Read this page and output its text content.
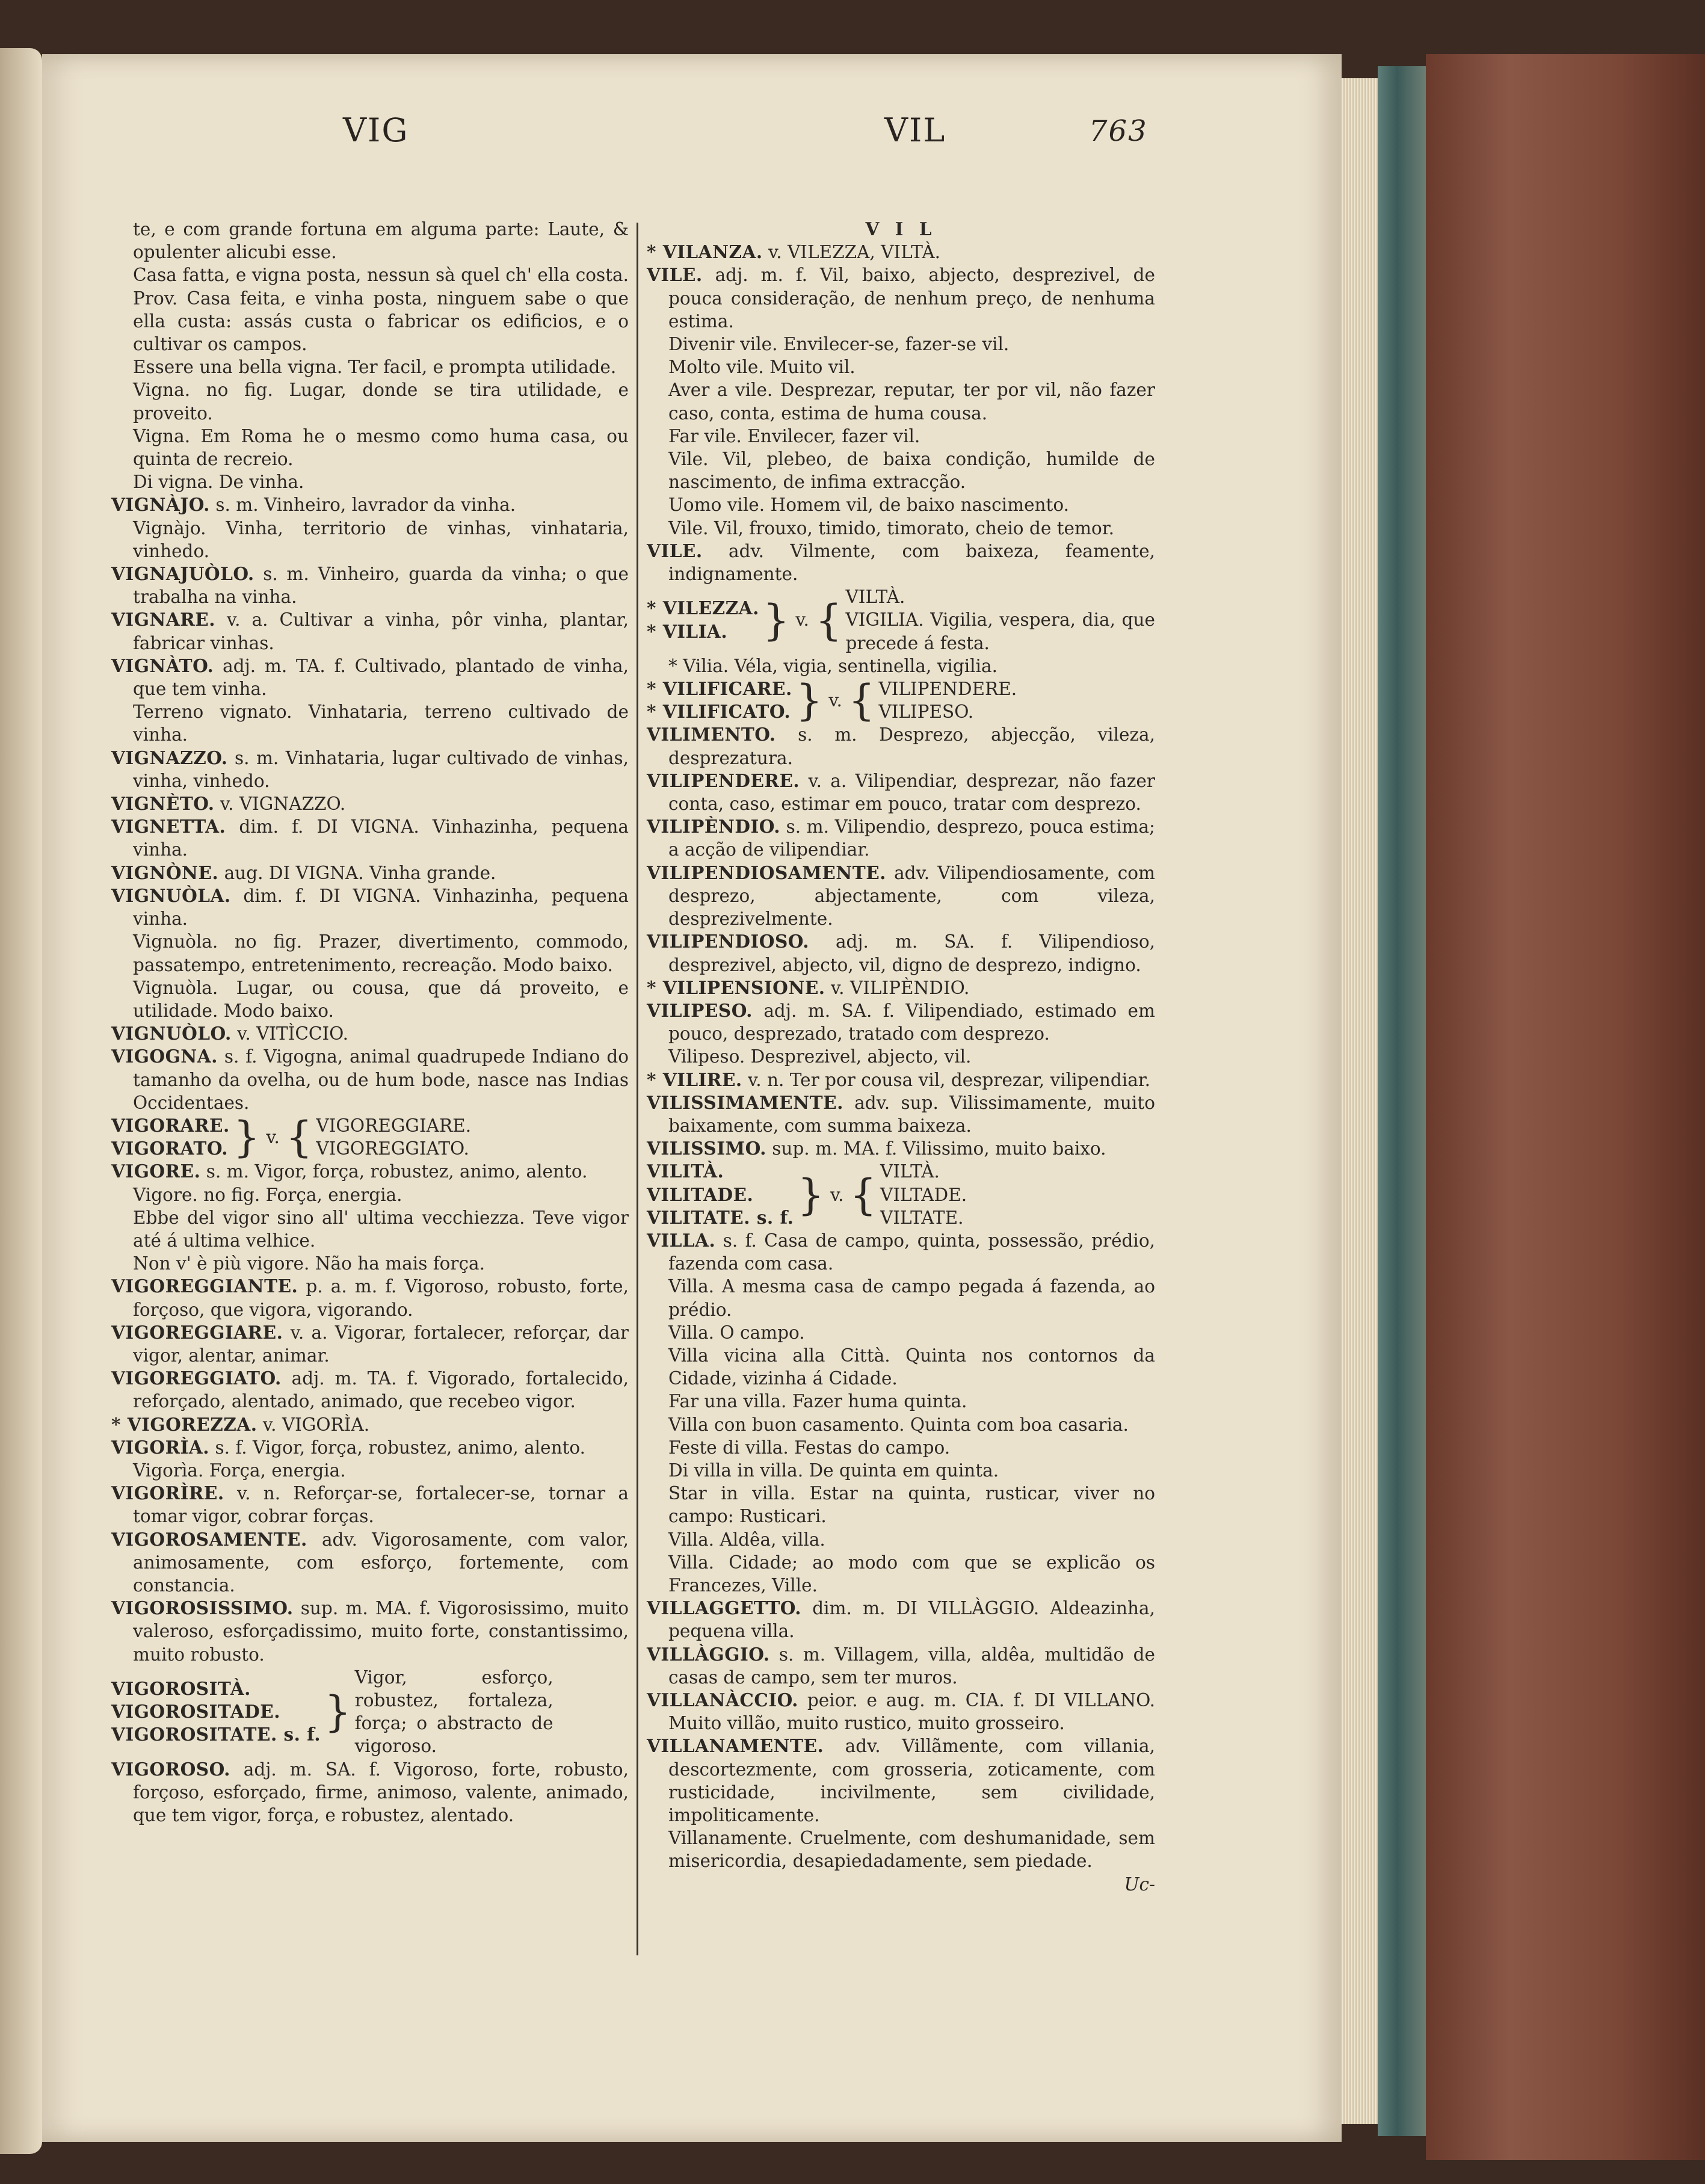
VIG	VIL	763

te, e com grande fortuna em alguma parte: Laute, & opulenter alicubi esse.

Casa fatta, e vigna posta, nessun sà quel ch' ella costa. Prov. Casa feita, e vinha posta, ninguem sabe o que ella custa: assás custa o fabricar os edificios, e o cultivar os campos.

Essere una bella vigna. Ter facil, e prompta utilidade.

Vigna. no fig. Lugar, donde se tira utilidade, e proveito.

Vigna. Em Roma he o mesmo como huma casa, ou quinta de recreio.

Di vigna. De vinha.

VIGNÀJO. s. m. Vinheiro, lavrador da vinha.

Vignàjo. Vinha, territorio de vinhas, vinhataria, vinhedo.

VIGNAJUÒLO. s. m. Vinheiro, guarda da vinha; o que trabalha na vinha.

VIGNARE. v. a. Cultivar a vinha, pôr vinha, plantar, fabricar vinhas.

VIGNÀTO. adj. m. TA. f. Cultivado, plantado de vinha, que tem vinha.

Terreno vignato. Vinhataria, terreno cultivado de vinha.

VIGNAZZO. s. m. Vinhataria, lugar cultivado de vinhas, vinha, vinhedo.

VIGNÈTO. v. VIGNAZZO.

VIGNETTA. dim. f. DI VIGNA. Vinhazinha, pequena vinha.

VIGNÒNE. aug. DI VIGNA. Vinha grande.

VIGNUÒLA. dim. f. DI VIGNA. Vinhazinha, pequena vinha.

Vignuòla. no fig. Prazer, divertimento, commodo, passatempo, entretenimento, recreação. Modo baixo.

Vignuòla. Lugar, ou cousa, que dá proveito, e utilidade. Modo baixo.

VIGNUÒLO. v. VITÌCCIO.

VIGOGNA. s. f. Vigogna, animal quadrupede Indiano do tamanho da ovelha, ou de hum bode, nasce nas Indias Occidentaes.

VIGORARE.
VIGORATO. } v. { VIGOREGGIARE.
VIGOREGGIATO.

VIGORE. s. m. Vigor, força, robustez, animo, alento.

Vigore. no fig. Força, energia.

Ebbe del vigor sino all' ultima vecchiezza. Teve vigor até á ultima velhice.

Non v' è più vigore. Não ha mais força.

VIGOREGGIANTE. p. a. m. f. Vigoroso, robusto, forte, forçoso, que vigora, vigorando.

VIGOREGGIARE. v. a. Vigorar, fortalecer, reforçar, dar vigor, alentar, animar.

VIGOREGGIATO. adj. m. TA. f. Vigorado, fortalecido, reforçado, alentado, animado, que recebeo vigor.

* VIGOREZZA. v. VIGORÌA.

VIGORÌA. s. f. Vigor, força, robustez, animo, alento.

Vigorìa. Força, energia.

VIGORÌRE. v. n. Reforçar-se, fortalecer-se, tornar a tomar vigor, cobrar forças.

VIGOROSAMENTE. adv. Vigorosamente, com valor, animosamente, com esforço, fortemente, com constancia.

VIGOROSISSIMO. sup. m. MA. f. Vigorosissimo, muito valeroso, esforçadissimo, muito forte, constantissimo, muito robusto.

VIGOROSITÀ.
VIGOROSITADE.
VIGOROSITATE. s. f. }
Vigor, esforço, robustez, fortaleza, força; o abstracto de vigoroso.

VIGOROSO. adj. m. SA. f. Vigoroso, forte, robusto, forçoso, esforçado, firme, animoso, valente, animado, que tem vigor, força, e robustez, alentado.

V I L

* VILANZA. v. VILEZZA, VILTÀ.

VILE. adj. m. f. Vil, baixo, abjecto, desprezivel, de pouca consideração, de nenhum preço, de nenhuma estima.

Divenir vile. Envilecer-se, fazer-se vil.

Molto vile. Muito vil.

Aver a vile. Desprezar, reputar, ter por vil, não fazer caso, conta, estima de huma cousa.

Far vile. Envilecer, fazer vil.

Vile. Vil, plebeo, de baixa condição, humilde de nascimento, de infima extracção.

Uomo vile. Homem vil, de baixo nascimento.

Vile. Vil, frouxo, timido, timorato, cheio de temor.

VILE. adv. Vilmente, com baixeza, feamente, indignamente.

* VILEZZA.
* VILIA. } v. { VILTÀ.
VIGILIA. Vigilia, vespera, dia, que precede á festa.

* Vilia. Véla, vigia, sentinella, vigilia.

* VILIFICARE.
* VILIFICATO. } v. { VILIPENDERE.
VILIPESO.

VILIMENTO. s. m. Desprezo, abjecção, vileza, desprezatura.

VILIPENDERE. v. a. Vilipendiar, desprezar, não fazer conta, caso, estimar em pouco, tratar com desprezo.

VILIPÈNDIO. s. m. Vilipendio, desprezo, pouca estima; a acção de vilipendiar.

VILIPENDIOSAMENTE. adv. Vilipendiosamente, com desprezo, abjectamente, com vileza, desprezivelmente.

VILIPENDIOSO. adj. m. SA. f. Vilipendioso, desprezivel, abjecto, vil, digno de desprezo, indigno.

* VILIPENSIONE. v. VILIPÈNDIO.

VILIPESO. adj. m. SA. f. Vilipendiado, estimado em pouco, desprezado, tratado com desprezo.

Vilipeso. Desprezivel, abjecto, vil.

* VILIRE. v. n. Ter por cousa vil, desprezar, vilipendiar.

VILISSIMAMENTE. adv. sup. Vilissimamente, muito baixamente, com summa baixeza.

VILISSIMO. sup. m. MA. f. Vilissimo, muito baixo.

VILITÀ.
VILITADE.
VILITATE. s. f. } v. { VILTÀ.
VILTADE.
VILTATE.

VILLA. s. f. Casa de campo, quinta, possessão, prédio, fazenda com casa.

Villa. A mesma casa de campo pegada á fazenda, ao prédio.

Villa. O campo.

Villa vicina alla Città. Quinta nos contornos da Cidade, vizinha á Cidade.

Far una villa. Fazer huma quinta.

Villa con buon casamento. Quinta com boa casaria.

Feste di villa. Festas do campo.

Di villa in villa. De quinta em quinta.

Star in villa. Estar na quinta, rusticar, viver no campo: Rusticari.

Villa. Aldêa, villa.

Villa. Cidade; ao modo com que se explicão os Francezes, Ville.

VILLAGGETTO. dim. m. DI VILLÀGGIO. Aldeazinha, pequena villa.

VILLÀGGIO. s. m. Villagem, villa, aldêa, multidão de casas de campo, sem ter muros.

VILLANÀCCIO. peior. e aug. m. CIA. f. DI VILLANO. Muito villão, muito rustico, muito grosseiro.

VILLANAMENTE. adv. Villãmente, com villania, descortezmente, com grosseria, zoticamente, com rusticidade, incivilmente, sem civilidade, impoliticamente.

Villanamente. Cruelmente, com deshumanidade, sem misericordia, desapiedadamente, sem piedade.

Uc-
